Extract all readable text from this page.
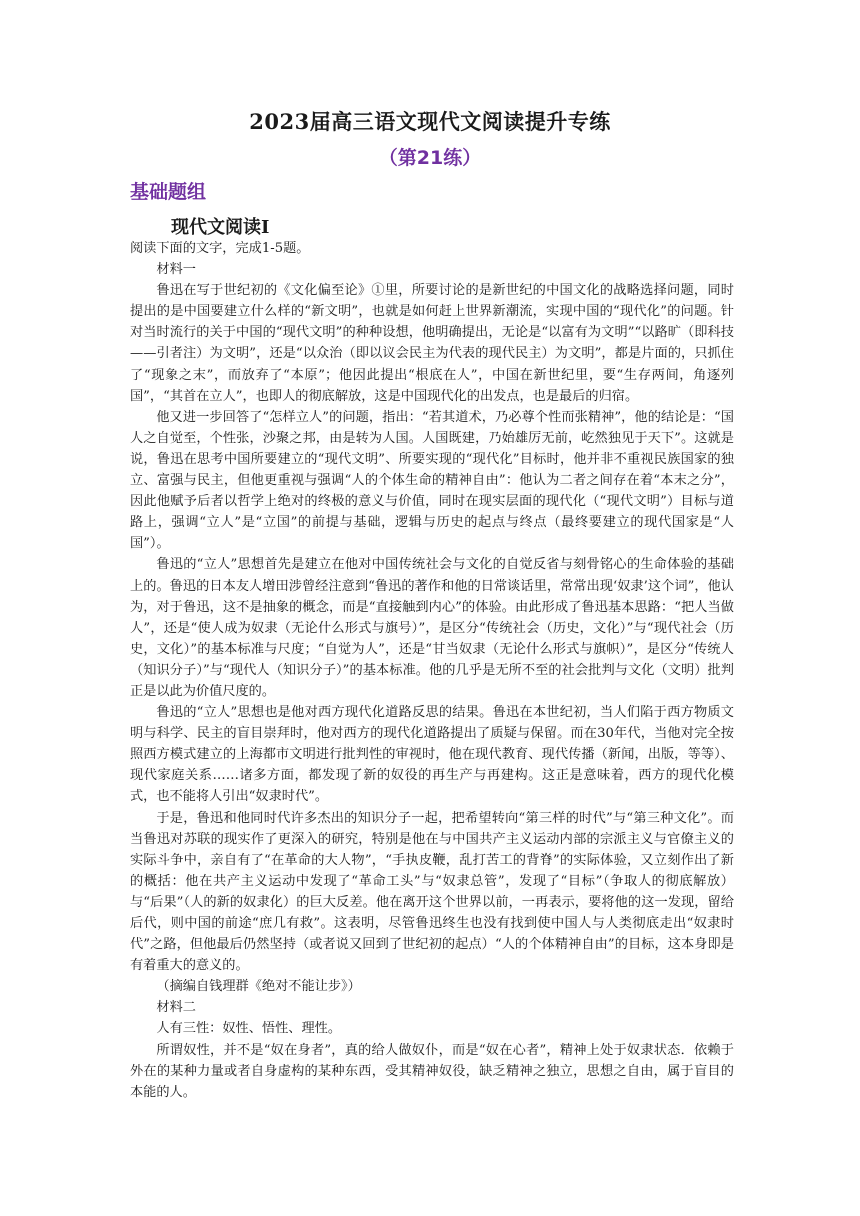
2023届高三语文现代文阅读提升专练
（第21练）
基础题组
现代文阅读Ⅰ

阅读下面的文字，完成1-5题。

材料一

鲁迅在写于世纪初的《文化偏至论》①里，所要讨论的是新世纪的中国文化的战略选择问题，同时提出的是中国要建立什么样的“新文明”，也就是如何赶上世界新潮流，实现中国的“现代化”的问题。针对当时流行的关于中国的“现代文明”的种种设想，他明确提出，无论是“以富有为文明”“以路旷（即科技——引者注）为文明”，还是“以众治（即以议会民主为代表的现代民主）为文明”，都是片面的，只抓住了“现象之末”，而放弃了“本原”；他因此提出“根底在人”，中国在新世纪里，要“生存两间，角逐列国”，“其首在立人”，也即人的彻底解放，这是中国现代化的出发点，也是最后的归宿。

他又进一步回答了“怎样立人”的问题，指出：“若其道术，乃必尊个性而张精神”，他的结论是：“国人之自觉至，个性张，沙聚之邦，由是转为人国。人国既建，乃始雄厉无前，屹然独见于天下”。这就是说，鲁迅在思考中国所要建立的“现代文明”、所要实现的“现代化”目标时，他并非不重视民族国家的独立、富强与民主，但他更重视与强调“人的个体生命的精神自由”：他认为二者之间存在着“本末之分”，因此他赋予后者以哲学上绝对的终极的意义与价值，同时在现实层面的现代化（“现代文明”）目标与道路上，强调“立人”是“立国”的前提与基础，逻辑与历史的起点与终点（最终要建立的现代国家是“人国”）。

鲁迅的“立人”思想首先是建立在他对中国传统社会与文化的自觉反省与刻骨铭心的生命体验的基础上的。鲁迅的日本友人增田涉曾经注意到“鲁迅的著作和他的日常谈话里，常常出现‘奴隶’这个词”，他认为，对于鲁迅，这不是抽象的概念，而是“直接触到内心”的体验。由此形成了鲁迅基本思路：“把人当做人”，还是“使人成为奴隶（无论什么形式与旗号）”，是区分“传统社会（历史，文化）”与“现代社会（历史，文化）”的基本标准与尺度；“自觉为人”，还是“甘当奴隶（无论什么形式与旗帜）”，是区分“传统人（知识分子）”与“现代人（知识分子）”的基本标准。他的几乎是无所不至的社会批判与文化（文明）批判正是以此为价值尺度的。

鲁迅的“立人”思想也是他对西方现代化道路反思的结果。鲁迅在本世纪初，当人们陷于西方物质文明与科学、民主的盲目崇拜时，他对西方的现代化道路提出了质疑与保留。而在30年代，当他对完全按照西方模式建立的上海都市文明进行批判性的审视时，他在现代教育、现代传播（新闻，出版，等等）、现代家庭关系……诸多方面，都发现了新的奴役的再生产与再建构。这正是意味着，西方的现代化模式，也不能将人引出“奴隶时代”。

于是，鲁迅和他同时代许多杰出的知识分子一起，把希望转向“第三样的时代”与“第三种文化”。而当鲁迅对苏联的现实作了更深入的研究，特别是他在与中国共产主义运动内部的宗派主义与官僚主义的实际斗争中，亲自有了“在革命的大人物”，“手执皮鞭，乱打苦工的背脊”的实际体验，又立刻作出了新的概括：他在共产主义运动中发现了“革命工头”与“奴隶总管”，发现了“目标”（争取人的彻底解放）与“后果”（人的新的奴隶化）的巨大反差。他在离开这个世界以前，一再表示，要将他的这一发现，留给后代，则中国的前途“庶几有救”。这表明，尽管鲁迅终生也没有找到使中国人与人类彻底走出“奴隶时代”之路，但他最后仍然坚持（或者说又回到了世纪初的起点）“人的个体精神自由”的目标，这本身即是有着重大的意义的。

（摘编自钱理群《绝对不能让步》）

材料二

人有三性：奴性、悟性、理性。

所谓奴性，并不是“奴在身者”，真的给人做奴仆，而是“奴在心者”，精神上处于奴隶状态．依赖于外在的某种力量或者自身虚构的某种东西，受其精神奴役，缺乏精神之独立，思想之自由，属于盲目的本能的人。
